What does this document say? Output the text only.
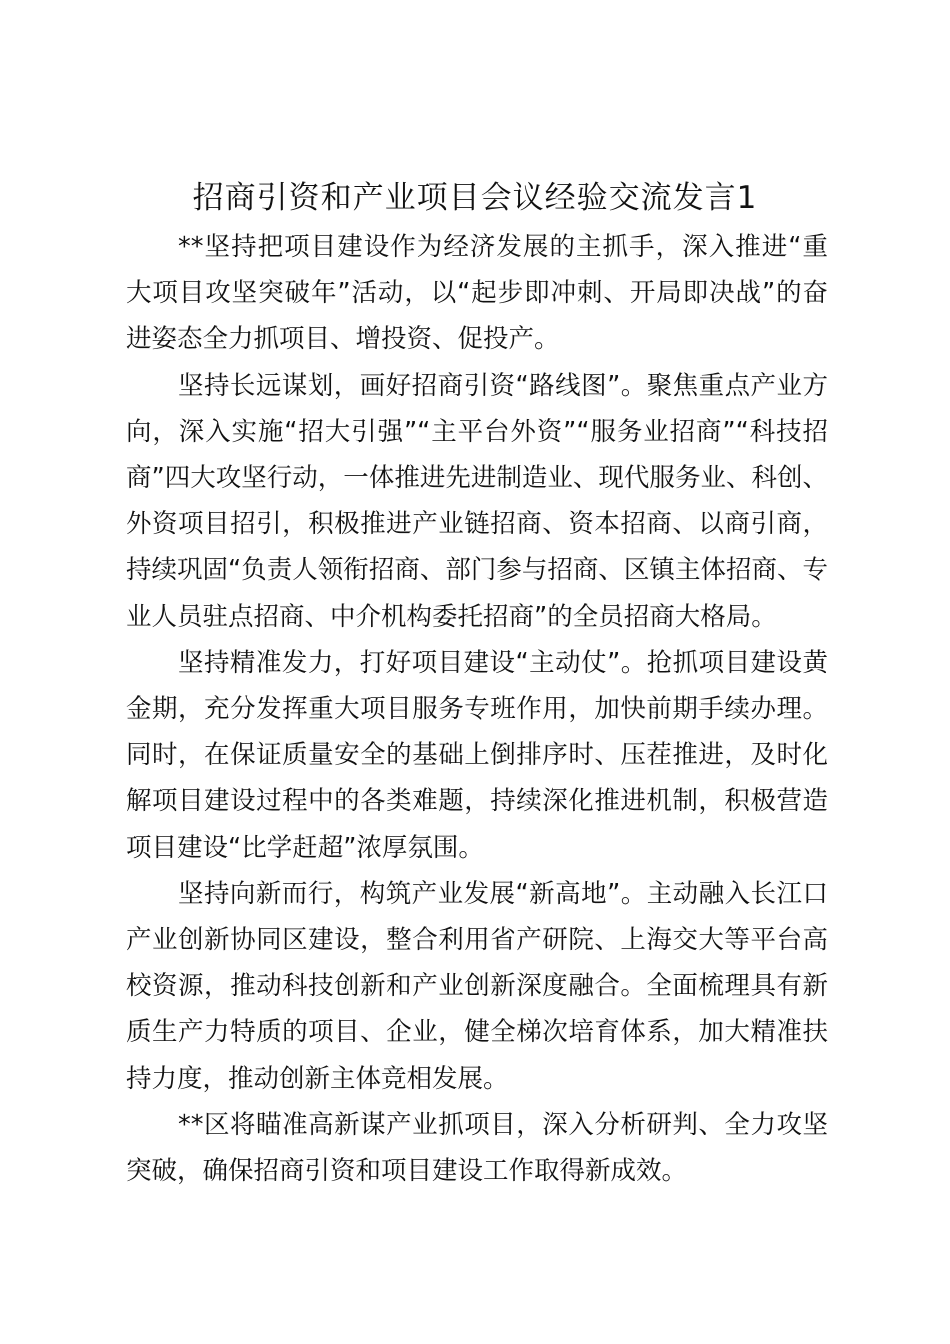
招商引资和产业项目会议经验交流发言1

**坚持把项目建设作为经济发展的主抓手，深入推进“重大项目攻坚突破年”活动，以“起步即冲刺、开局即决战”的奋进姿态全力抓项目、增投资、促投产。

坚持长远谋划，画好招商引资“路线图”。聚焦重点产业方向，深入实施“招大引强”“主平台外资”“服务业招商”“科技招商”四大攻坚行动，一体推进先进制造业、现代服务业、科创、外资项目招引，积极推进产业链招商、资本招商、以商引商，持续巩固“负责人领衔招商、部门参与招商、区镇主体招商、专业人员驻点招商、中介机构委托招商”的全员招商大格局。

坚持精准发力，打好项目建设“主动仗”。抢抓项目建设黄金期，充分发挥重大项目服务专班作用，加快前期手续办理。同时，在保证质量安全的基础上倒排序时、压茬推进，及时化解项目建设过程中的各类难题，持续深化推进机制，积极营造项目建设“比学赶超”浓厚氛围。

坚持向新而行，构筑产业发展“新高地”。主动融入长江口产业创新协同区建设，整合利用省产研院、上海交大等平台高校资源，推动科技创新和产业创新深度融合。全面梳理具有新质生产力特质的项目、企业，健全梯次培育体系，加大精准扶持力度，推动创新主体竞相发展。

**区将瞄准高新谋产业抓项目，深入分析研判、全力攻坚突破，确保招商引资和项目建设工作取得新成效。
